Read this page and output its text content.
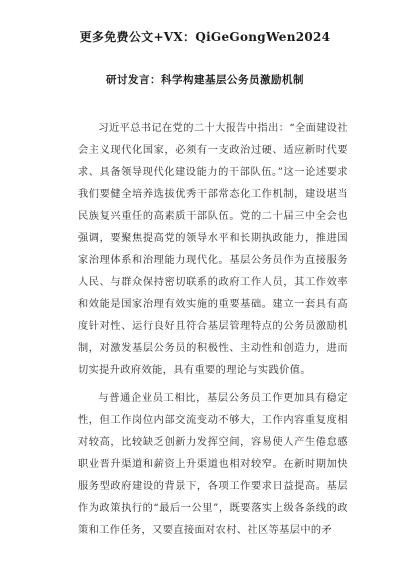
更多免费公文+VX：QiGeGongWen2024
研讨发言：科学构建基层公务员激励机制

习近平总书记在党的二十大报告中指出：“全面建设社会主义现代化国家，必须有一支政治过硬、适应新时代要求、具备领导现代化建设能力的干部队伍。”这一论述要求我们要健全培养选拔优秀干部常态化工作机制，建设堪当民族复兴重任的高素质干部队伍。党的二十届三中全会也强调，要聚焦提高党的领导水平和长期执政能力，推进国家治理体系和治理能力现代化。基层公务员作为直接服务人民、与群众保持密切联系的政府工作人员，其工作效率和效能是国家治理有效实施的重要基础。建立一套具有高度针对性、运行良好且符合基层管理特点的公务员激励机制，对激发基层公务员的积极性、主动性和创造力，进而切实提升政府效能，具有重要的理论与实践价值。

与普通企业员工相比，基层公务员工作更加具有稳定性，但工作岗位内部交流变动不够大，工作内容重复度相对较高，比较缺乏创新力发挥空间，容易使人产生倦怠感职业晋升渠道和薪资上升渠道也相对较窄。在新时期加快服务型政府建设的背景下，各项工作要求日益提高。基层作为政策执行的“最后一公里”，既要落实上级各条线的政策和工作任务，又要直接面对农村、社区等基层中的矛
